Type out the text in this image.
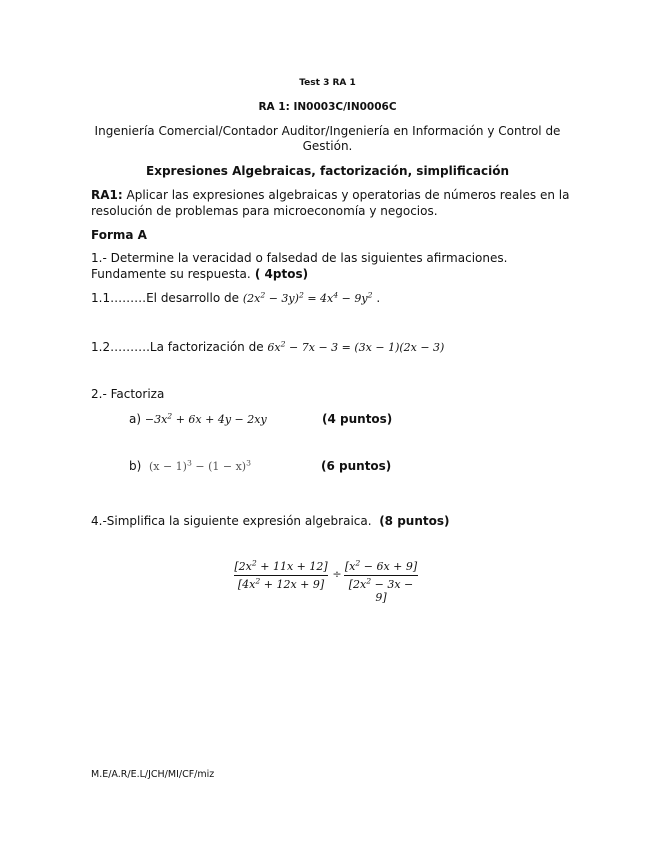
Test 3 RA 1
RA 1: IN0003C/IN0006C
Ingeniería Comercial/Contador Auditor/Ingeniería en Información y Control de Gestión.
Expresiones Algebraicas, factorización, simplificación
RA1: Aplicar las expresiones algebraicas y operatorias de números reales en la
resolución de problemas para microeconomía y negocios.
Forma A
1.- Determine la veracidad o falsedad de las siguientes afirmaciones.
Fundamente su respuesta. ( 4ptos)
1.1………El desarrollo de $(2x^2 - 3y)^2 = 4x^4 - 9y^2$ .
1.2……….La factorización de $6x^2 - 7x - 3 = (3x - 1)(2x - 3)$
2.- Factoriza
$a) -3x^2 + 6x + 4y - 2xy$	(4 puntos)
b) $(x - 1)^3 - (1 - x)^3$	(6 puntos)
4.-Simplifica la siguiente expresión algebraica. (8 puntos)
$[2x^2 + 11x + 12]$
$[4x^2 + 12x + 9]$
÷
$[x^2 - 6x + 9]$
$[2x^2 - 3x - 9]$
M.E/A.R/E.L/JCH/MI/CF/miz
